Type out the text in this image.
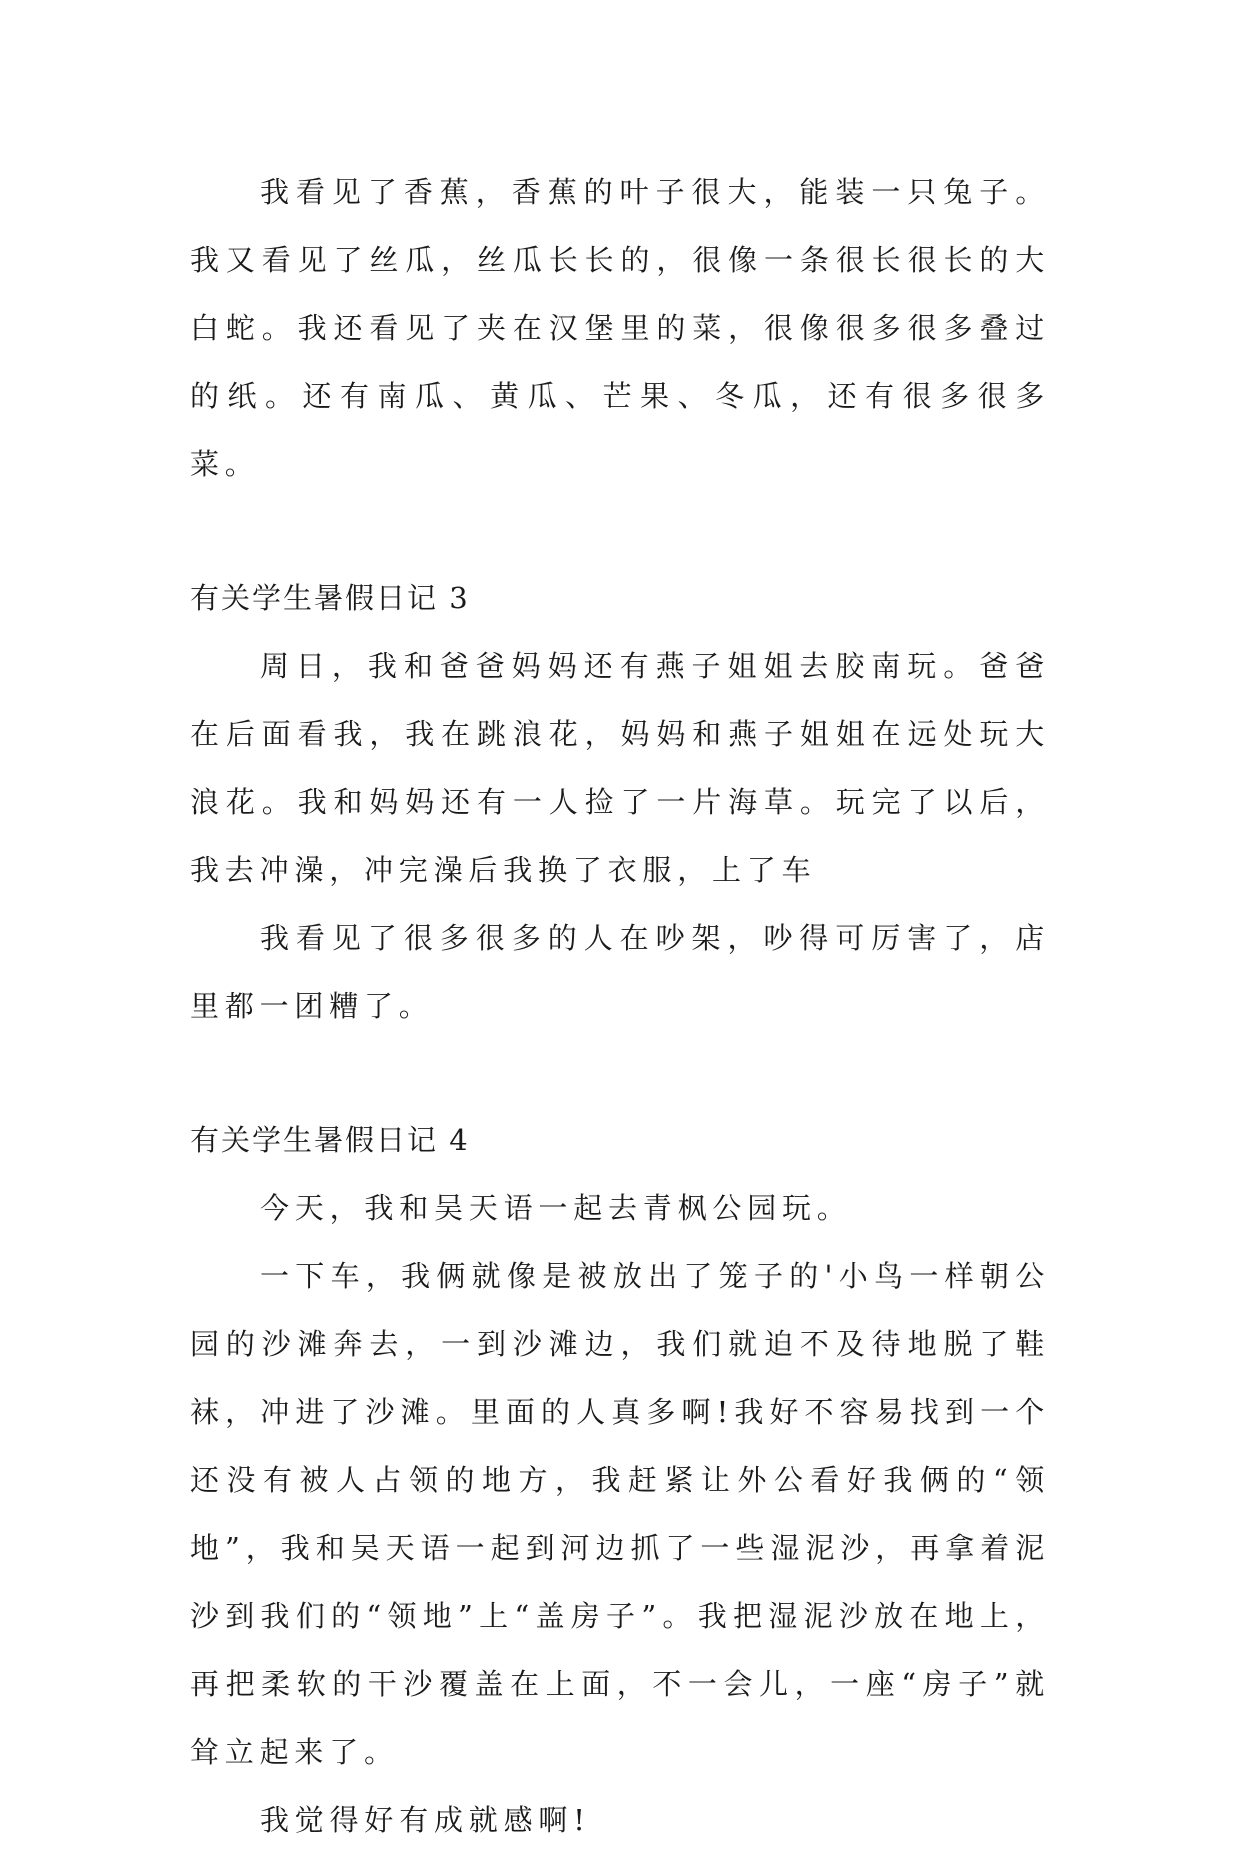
我看见了香蕉，香蕉的叶子很大，能装一只兔子。我又看见了丝瓜，丝瓜长长的，很像一条很长很长的大白蛇。我还看见了夹在汉堡里的菜，很像很多很多叠过的纸。还有南瓜、黄瓜、芒果、冬瓜，还有很多很多菜。

有关学生暑假日记 3

周日，我和爸爸妈妈还有燕子姐姐去胶南玩。爸爸在后面看我，我在跳浪花，妈妈和燕子姐姐在远处玩大浪花。我和妈妈还有一人捡了一片海草。玩完了以后，我去冲澡，冲完澡后我换了衣服，上了车

我看见了很多很多的人在吵架，吵得可厉害了，店里都一团糟了。

有关学生暑假日记 4

今天，我和吴天语一起去青枫公园玩。

一下车，我俩就像是被放出了笼子的'小鸟一样朝公园的沙滩奔去，一到沙滩边，我们就迫不及待地脱了鞋袜，冲进了沙滩。里面的人真多啊!我好不容易找到一个还没有被人占领的地方，我赶紧让外公看好我俩的“领地”，我和吴天语一起到河边抓了一些湿泥沙，再拿着泥沙到我们的“领地”上“盖房子”。我把湿泥沙放在地上，再把柔软的干沙覆盖在上面，不一会儿，一座“房子”就耸立起来了。

我觉得好有成就感啊!
